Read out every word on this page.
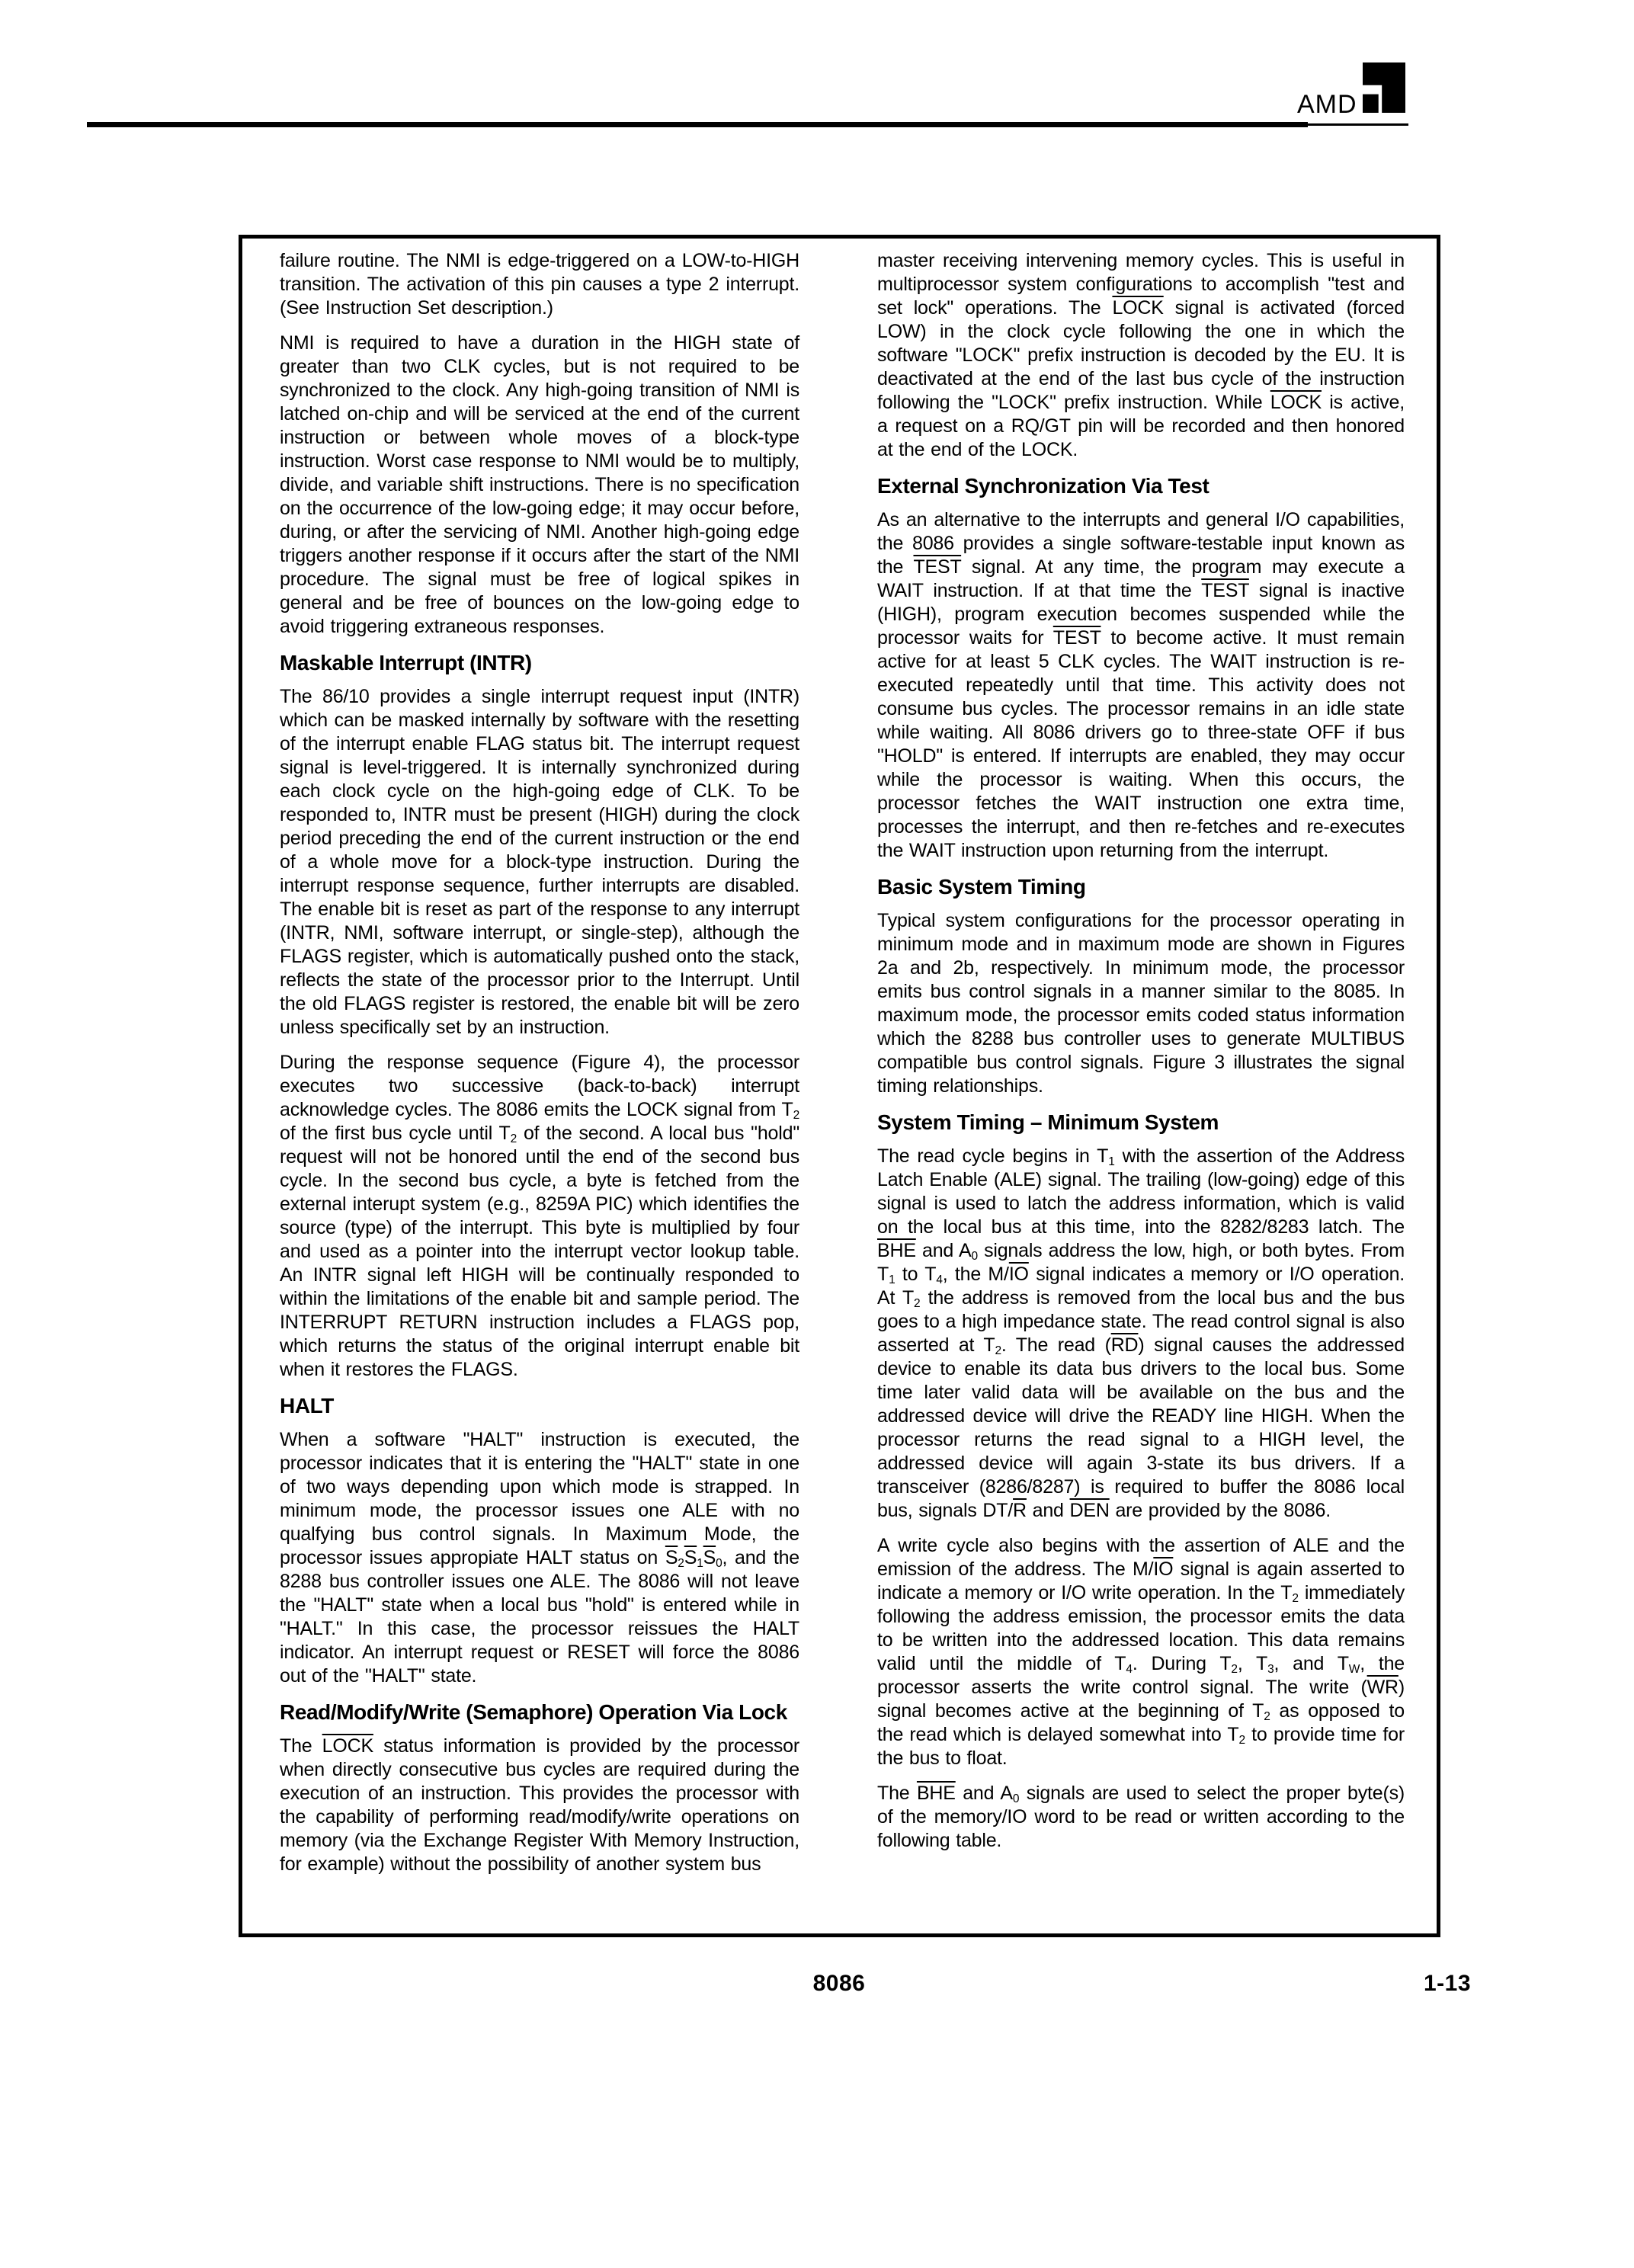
AMD

failure routine. The NMI is edge-triggered on a LOW-to-HIGH transition. The activation of this pin causes a type 2 interrupt. (See Instruction Set description.)

NMI is required to have a duration in the HIGH state of greater than two CLK cycles, but is not required to be synchronized to the clock. Any high-going transition of NMI is latched on-chip and will be serviced at the end of the current instruction or between whole moves of a block-type instruction. Worst case response to NMI would be to multiply, divide, and variable shift instructions. There is no specification on the occurrence of the low-going edge; it may occur before, during, or after the servicing of NMI. Another high-going edge triggers another response if it occurs after the start of the NMI procedure. The signal must be free of logical spikes in general and be free of bounces on the low-going edge to avoid triggering extraneous responses.

Maskable Interrupt (INTR)

The 86/10 provides a single interrupt request input (INTR) which can be masked internally by software with the resetting of the interrupt enable FLAG status bit. The interrupt request signal is level-triggered. It is internally synchronized during each clock cycle on the high-going edge of CLK. To be responded to, INTR must be present (HIGH) during the clock period preceding the end of the current instruction or the end of a whole move for a block-type instruction. During the interrupt response sequence, further interrupts are disabled. The enable bit is reset as part of the response to any interrupt (INTR, NMI, software interrupt, or single-step), although the FLAGS register, which is automatically pushed onto the stack, reflects the state of the processor prior to the Interrupt. Until the old FLAGS register is restored, the enable bit will be zero unless specifically set by an instruction.

During the response sequence (Figure 4), the processor executes two successive (back-to-back) interrupt acknowledge cycles. The 8086 emits the LOCK signal from $T_2$ of the first bus cycle until $T_2$ of the second. A local bus "hold" request will not be honored until the end of the second bus cycle. In the second bus cycle, a byte is fetched from the external interupt system (e.g., 8259A PIC) which identifies the source (type) of the interrupt. This byte is multiplied by four and used as a pointer into the interrupt vector lookup table. An INTR signal left HIGH will be continually responded to within the limitations of the enable bit and sample period. The INTERRUPT RETURN instruction includes a FLAGS pop, which returns the status of the original interrupt enable bit when it restores the FLAGS.

HALT

When a software "HALT" instruction is executed, the processor indicates that it is entering the "HALT" state in one of two ways depending upon which mode is strapped. In minimum mode, the processor issues one ALE with no qualfying bus control signals. In Maximum Mode, the processor issues appropiate HALT status on $\overline{S}_2\overline{S}_1\overline{S}_0$, and the 8288 bus controller issues one ALE. The 8086 will not leave the "HALT" state when a local bus "hold" is entered while in "HALT." In this case, the processor reissues the HALT indicator. An interrupt request or RESET will force the 8086 out of the "HALT" state.

Read/Modify/Write (Semaphore) Operation Via Lock

The LOCK status information is provided by the processor when directly consecutive bus cycles are required during the execution of an instruction. This provides the processor with the capability of performing read/modify/write operations on memory (via the Exchange Register With Memory Instruction, for example) without the possibility of another system bus

master receiving intervening memory cycles. This is useful in multiprocessor system configurations to accomplish "test and set lock" operations. The LOCK signal is activated (forced LOW) in the clock cycle following the one in which the software "LOCK" prefix instruction is decoded by the EU. It is deactivated at the end of the last bus cycle of the instruction following the "LOCK" prefix instruction. While LOCK is active, a request on a RQ/GT pin will be recorded and then honored at the end of the LOCK.

External Synchronization Via Test

As an alternative to the interrupts and general I/O capabilities, the 8086 provides a single software-testable input known as the TEST signal. At any time, the program may execute a WAIT instruction. If at that time the TEST signal is inactive (HIGH), program execution becomes suspended while the processor waits for TEST to become active. It must remain active for at least 5 CLK cycles. The WAIT instruction is re-executed repeatedly until that time. This activity does not consume bus cycles. The processor remains in an idle state while waiting. All 8086 drivers go to three-state OFF if bus "HOLD" is entered. If interrupts are enabled, they may occur while the processor is waiting. When this occurs, the processor fetches the WAIT instruction one extra time, processes the interrupt, and then re-fetches and re-executes the WAIT instruction upon returning from the interrupt.

Basic System Timing

Typical system configurations for the processor operating in minimum mode and in maximum mode are shown in Figures 2a and 2b, respectively. In minimum mode, the processor emits bus control signals in a manner similar to the 8085. In maximum mode, the processor emits coded status information which the 8288 bus controller uses to generate MULTIBUS compatible bus control signals. Figure 3 illustrates the signal timing relationships.

System Timing – Minimum System

The read cycle begins in $T_1$ with the assertion of the Address Latch Enable (ALE) signal. The trailing (low-going) edge of this signal is used to latch the address information, which is valid on the local bus at this time, into the 8282/8283 latch. The $\overline{BHE}$ and $A_0$ signals address the low, high, or both bytes. From $T_1$ to $T_4$, the $M/\overline{IO}$ signal indicates a memory or I/O operation. At $T_2$ the address is removed from the local bus and the bus goes to a high impedance state. The read control signal is also asserted at $T_2$. The read $(\overline{RD})$ signal causes the addressed device to enable its data bus drivers to the local bus. Some time later valid data will be available on the bus and the addressed device will drive the READY line HIGH. When the processor returns the read signal to a HIGH level, the addressed device will again 3-state its bus drivers. If a transceiver (8286/8287) is required to buffer the 8086 local bus, signals $DT/\overline{R}$ and $\overline{DEN}$ are provided by the 8086.

A write cycle also begins with the assertion of ALE and the emission of the address. The $M/\overline{IO}$ signal is again asserted to indicate a memory or I/O write operation. In the $T_2$ immediately following the address emission, the processor emits the data to be written into the addressed location. This data remains valid until the middle of $T_4$. During $T_2$, $T_3$, and $T_W$, the processor asserts the write control signal. The write $(\overline{WR})$ signal becomes active at the beginning of $T_2$ as opposed to the read which is delayed somewhat into $T_2$ to provide time for the bus to float.

The $\overline{BHE}$ and $A_0$ signals are used to select the proper byte(s) of the memory/IO word to be read or written according to the following table.

8086	1-13
